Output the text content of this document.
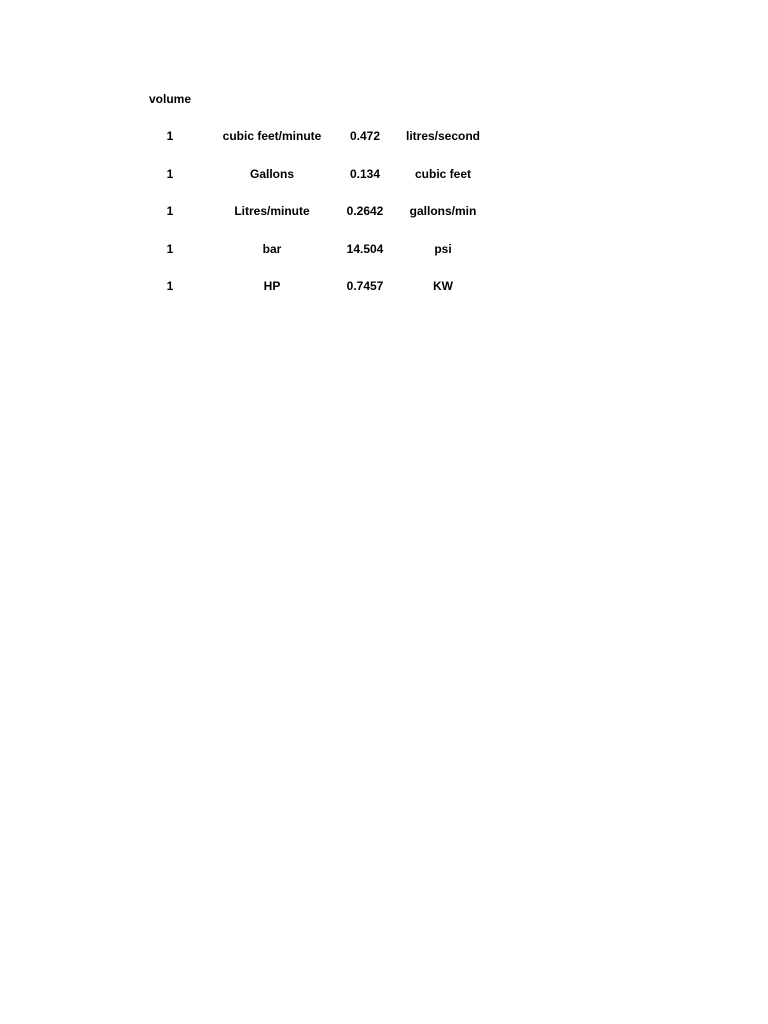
volume
1	cubic feet/minute	0.472	litres/second
1	Gallons	0.134	cubic feet
1	Litres/minute	0.2642	gallons/min
1	bar	14.504	psi
1	HP	0.7457	KW
